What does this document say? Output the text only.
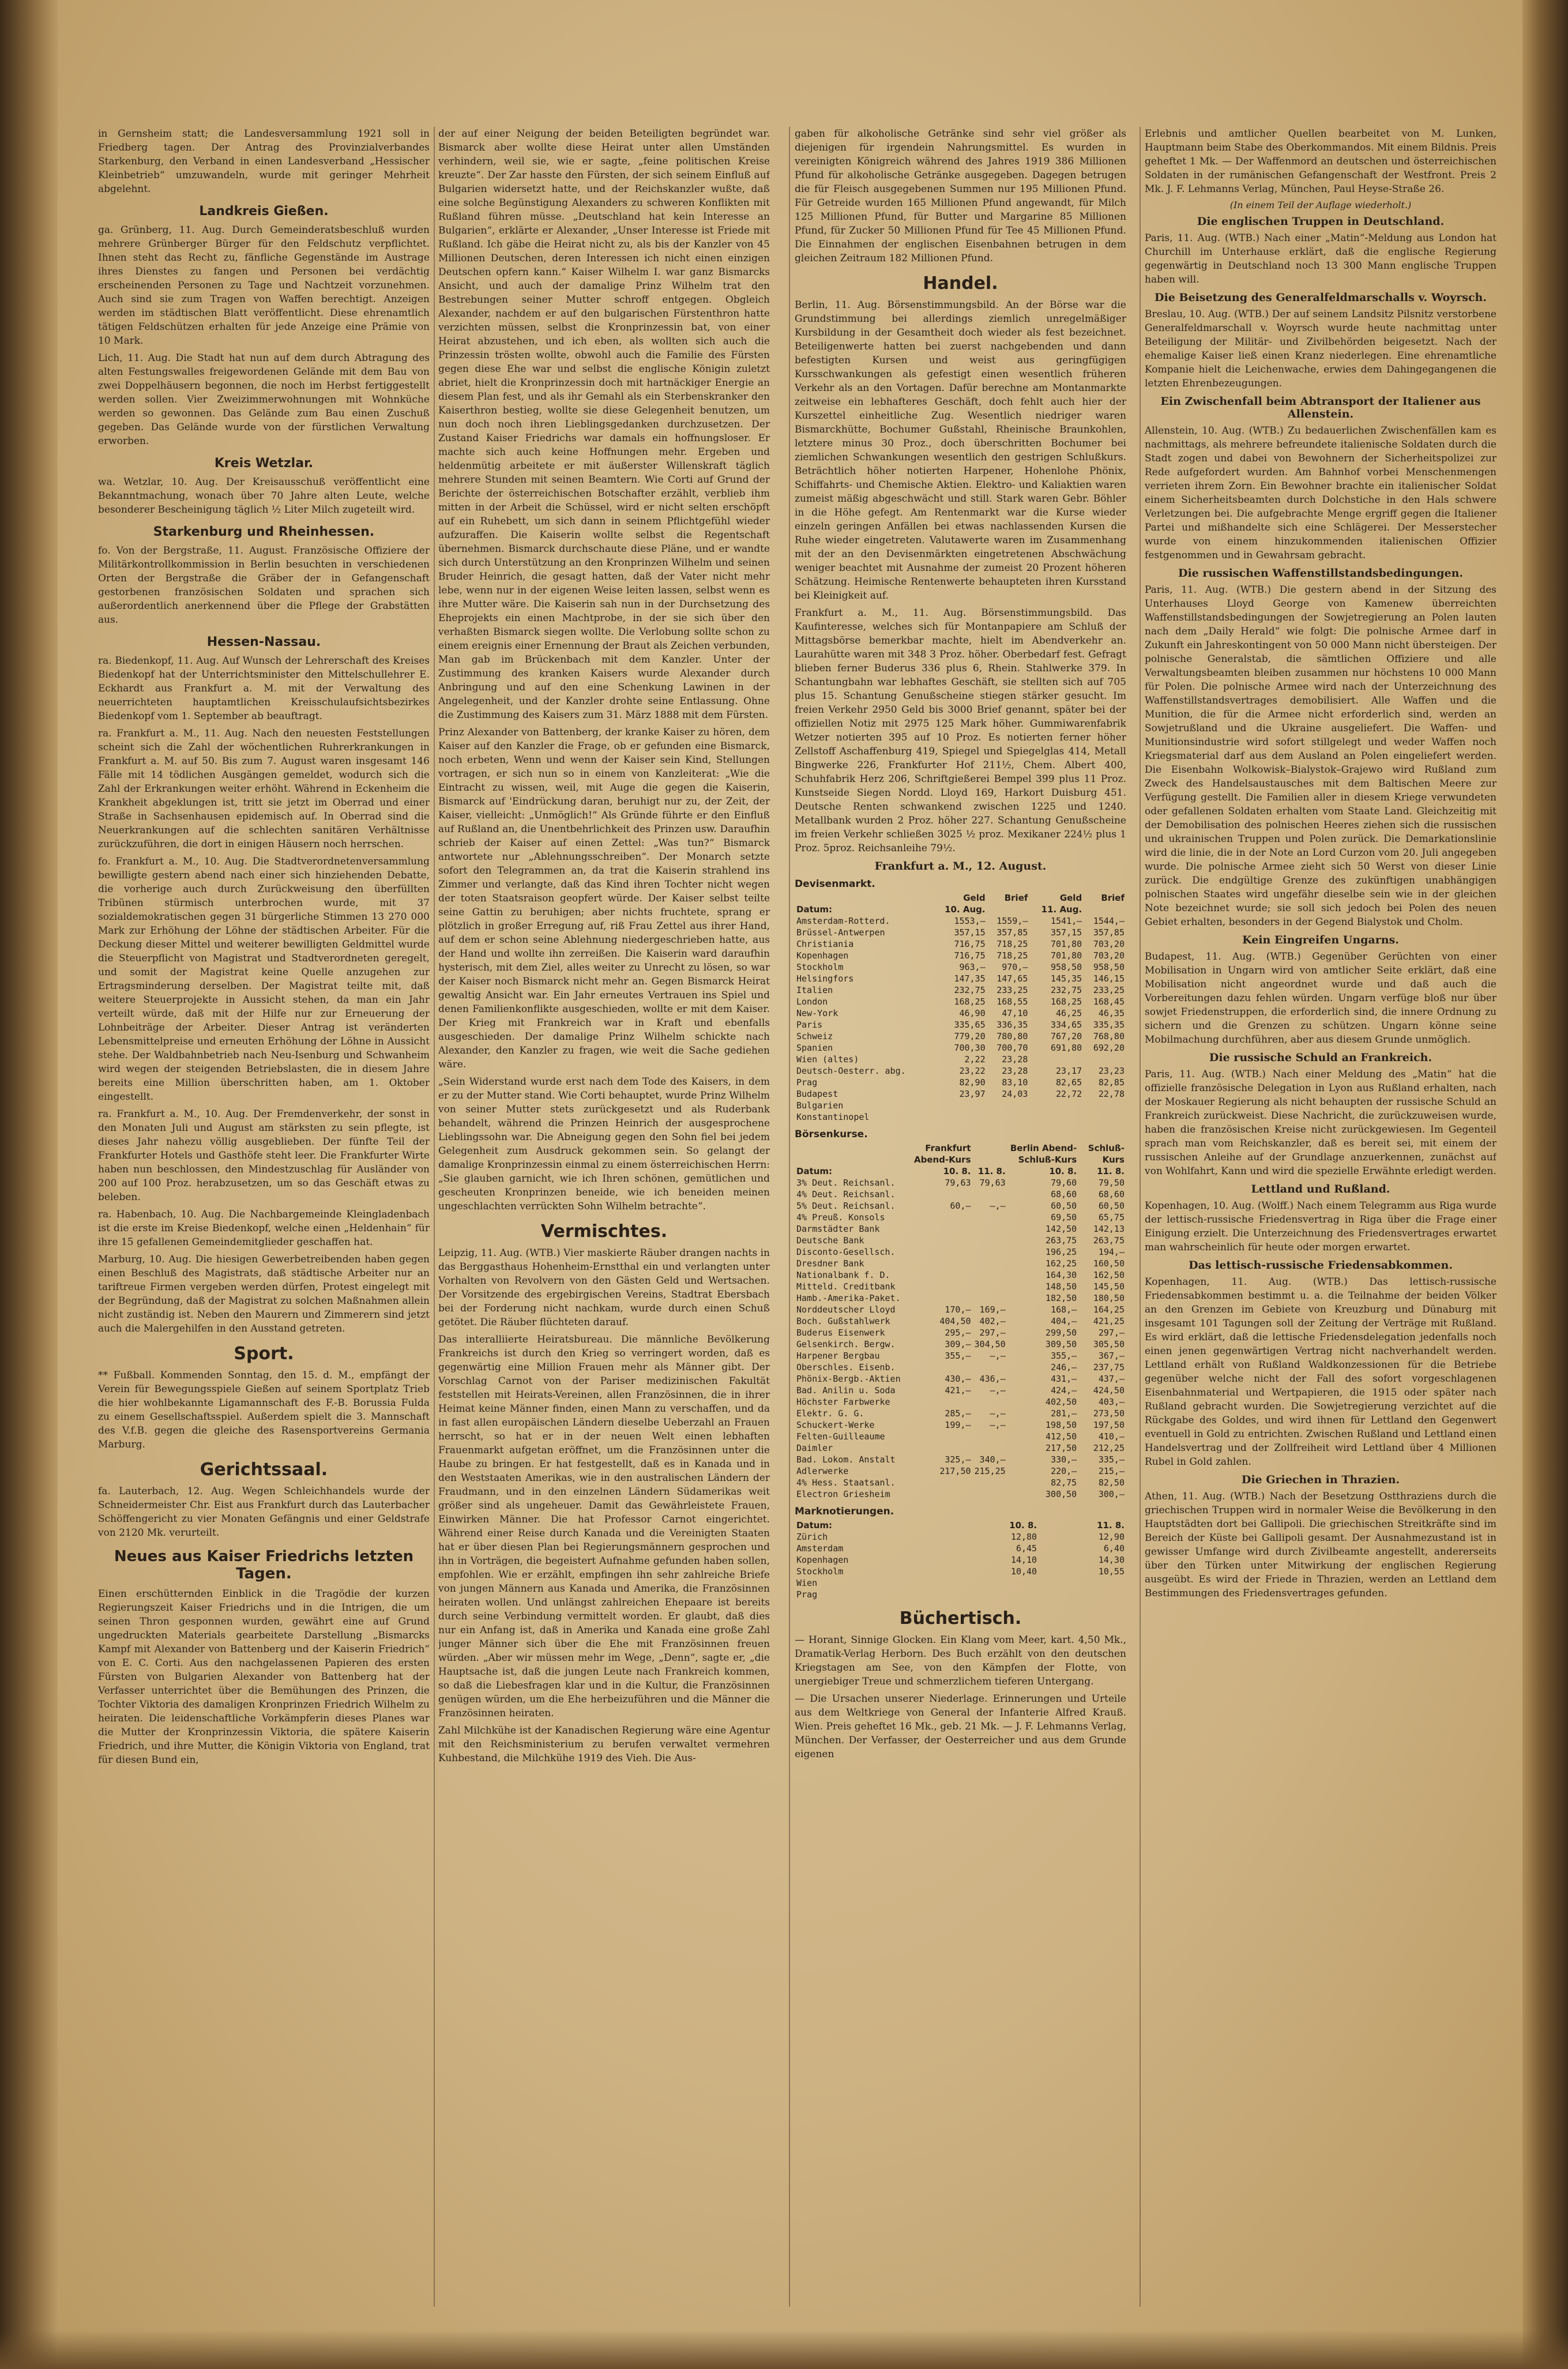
in Gernsheim statt; die Landesversammlung 1921 soll in Friedberg tagen. Der Antrag des Provinzialverbandes Starkenburg, den Verband in einen Landesverband „Hessischer Kleinbetrieb“ umzuwandeln, wurde mit geringer Mehrheit abgelehnt.

Landkreis Gießen.

ga. Grünberg, 11. Aug. Durch Gemeinderatsbeschluß wurden mehrere Grünberger Bürger für den Feldschutz verpflichtet. Ihnen steht das Recht zu, fänfliche Gegenstände im Austrage ihres Dienstes zu fangen und Personen bei verdächtig erscheinenden Personen zu Tage und Nachtzeit vorzunehmen. Auch sind sie zum Tragen von Waffen berechtigt. Anzeigen werden im städtischen Blatt veröffentlicht. Diese ehrenamtlich tätigen Feldschützen erhalten für jede Anzeige eine Prämie von 10 Mark.

Lich, 11. Aug. Die Stadt hat nun auf dem durch Abtragung des alten Festungswalles freigewordenen Gelände mit dem Bau von zwei Doppelhäusern begonnen, die noch im Herbst fertiggestellt werden sollen. Vier Zweizimmerwohnungen mit Wohnküche werden so gewonnen. Das Gelände zum Bau einen Zuschuß gegeben. Das Gelände wurde von der fürstlichen Verwaltung erworben.

Kreis Wetzlar.

wa. Wetzlar, 10. Aug. Der Kreisausschuß veröffentlicht eine Bekanntmachung, wonach über 70 Jahre alten Leute, welche besonderer Bescheinigung täglich ½ Liter Milch zugeteilt wird.

Starkenburg und Rheinhessen.

fo. Von der Bergstraße, 11. August. Französische Offiziere der Militärkontrollkommission in Berlin besuchten in verschiedenen Orten der Bergstraße die Gräber der in Gefangenschaft gestorbenen französischen Soldaten und sprachen sich außerordentlich anerkennend über die Pflege der Grabstätten aus.

Hessen-Nassau.

ra. Biedenkopf, 11. Aug. Auf Wunsch der Lehrerschaft des Kreises Biedenkopf hat der Unterrichtsminister den Mittelschullehrer E. Eckhardt aus Frankfurt a. M. mit der Verwaltung des neuerrichteten hauptamtlichen Kreisschulaufsichtsbezirkes Biedenkopf vom 1. September ab beauftragt.

ra. Frankfurt a. M., 11. Aug. Nach den neuesten Feststellungen scheint sich die Zahl der wöchentlichen Ruhrerkrankungen in Frankfurt a. M. auf 50. Bis zum 7. August waren insgesamt 146 Fälle mit 14 tödlichen Ausgängen gemeldet, wodurch sich die Zahl der Erkrankungen weiter erhöht. Während in Eckenheim die Krankheit abgeklungen ist, tritt sie jetzt im Oberrad und einer Straße in Sachsenhausen epidemisch auf. In Oberrad sind die Neuerkrankungen auf die schlechten sanitären Verhältnisse zurückzuführen, die dort in einigen Häusern noch herrschen.

fo. Frankfurt a. M., 10. Aug. Die Stadtverordnetenversammlung bewilligte gestern abend nach einer sich hinziehenden Debatte, die vorherige auch durch Zurückweisung den überfüllten Tribünen stürmisch unterbrochen wurde, mit 37 sozialdemokratischen gegen 31 bürgerliche Stimmen 13 270 000 Mark zur Erhöhung der Löhne der städtischen Arbeiter. Für die Deckung dieser Mittel und weiterer bewilligten Geldmittel wurde die Steuerpflicht von Magistrat und Stadtverordneten geregelt, und somit der Magistrat keine Quelle anzugehen zur Ertragsminderung derselben. Der Magistrat teilte mit, daß weitere Steuerprojekte in Aussicht stehen, da man ein Jahr verteilt würde, daß mit der Hilfe nur zur Erneuerung der Lohnbeiträge der Arbeiter. Dieser Antrag ist veränderten Lebensmittelpreise und erneuten Erhöhung der Löhne in Aussicht stehe. Der Waldbahnbetrieb nach Neu-Isenburg und Schwanheim wird wegen der steigenden Betriebslasten, die in diesem Jahre bereits eine Million überschritten haben, am 1. Oktober eingestellt.

ra. Frankfurt a. M., 10. Aug. Der Fremdenverkehr, der sonst in den Monaten Juli und August am stärksten zu sein pflegte, ist dieses Jahr nahezu völlig ausgeblieben. Der fünfte Teil der Frankfurter Hotels und Gasthöfe steht leer. Die Frankfurter Wirte haben nun beschlossen, den Mindestzuschlag für Ausländer von 200 auf 100 Proz. herabzusetzen, um so das Geschäft etwas zu beleben.

ra. Habenbach, 10. Aug. Die Nachbargemeinde Kleingladenbach ist die erste im Kreise Biedenkopf, welche einen „Heldenhain“ für ihre 15 gefallenen Gemeindemitglieder geschaffen hat.

Marburg, 10. Aug. Die hiesigen Gewerbetreibenden haben gegen einen Beschluß des Magistrats, daß städtische Arbeiter nur an tariftreue Firmen vergeben werden dürfen, Protest eingelegt mit der Begründung, daß der Magistrat zu solchen Maßnahmen allein nicht zuständig ist. Neben den Maurern und Zimmerern sind jetzt auch die Malergehilfen in den Ausstand getreten.

Sport.

** Fußball. Kommenden Sonntag, den 15. d. M., empfängt der Verein für Bewegungsspiele Gießen auf seinem Sportplatz Trieb die hier wohlbekannte Ligamannschaft des F.-B. Borussia Fulda zu einem Gesellschaftsspiel. Außerdem spielt die 3. Mannschaft des V.f.B. gegen die gleiche des Rasensportvereins Germania Marburg.

Gerichtssaal.

fa. Lauterbach, 12. Aug. Wegen Schleichhandels wurde der Schneidermeister Chr. Eist aus Frankfurt durch das Lauterbacher Schöffengericht zu vier Monaten Gefängnis und einer Geldstrafe von 2120 Mk. verurteilt.

Neues aus Kaiser Friedrichs letzten Tagen.

Einen erschütternden Einblick in die Tragödie der kurzen Regierungszeit Kaiser Friedrichs und in die Intrigen, die um seinen Thron gesponnen wurden, gewährt eine auf Grund ungedruckten Materials gearbeitete Darstellung „Bismarcks Kampf mit Alexander von Battenberg und der Kaiserin Friedrich“ von E. C. Corti. Aus den nachgelassenen Papieren des ersten Fürsten von Bulgarien Alexander von Battenberg hat der Verfasser unterrichtet über die Bemühungen des Prinzen, die Tochter Viktoria des damaligen Kronprinzen Friedrich Wilhelm zu heiraten. Die leidenschaftliche Vorkämpferin dieses Planes war die Mutter der Kronprinzessin Viktoria, die spätere Kaiserin Friedrich, und ihre Mutter, die Königin Viktoria von England, trat für diesen Bund ein,

der auf einer Neigung der beiden Beteiligten begründet war. Bismarck aber wollte diese Heirat unter allen Umständen verhindern, weil sie, wie er sagte, „feine politischen Kreise kreuzte“. Der Zar hasste den Fürsten, der sich seinem Einfluß auf Bulgarien widersetzt hatte, und der Reichskanzler wußte, daß eine solche Begünstigung Alexanders zu schweren Konflikten mit Rußland führen müsse. „Deutschland hat kein Interesse an Bulgarien“, erklärte er Alexander, „Unser Interesse ist Friede mit Rußland. Ich gäbe die Heirat nicht zu, als bis der Kanzler von 45 Millionen Deutschen, deren Interessen ich nicht einen einzigen Deutschen opfern kann.“ Kaiser Wilhelm I. war ganz Bismarcks Ansicht, und auch der damalige Prinz Wilhelm trat den Bestrebungen seiner Mutter schroff entgegen. Obgleich Alexander, nachdem er auf den bulgarischen Fürstenthron hatte verzichten müssen, selbst die Kronprinzessin bat, von einer Heirat abzustehen, und ich eben, als wollten sich auch die Prinzessin trösten wollte, obwohl auch die Familie des Fürsten gegen diese Ehe war und selbst die englische Königin zuletzt abriet, hielt die Kronprinzessin doch mit hartnäckiger Energie an diesem Plan fest, und als ihr Gemahl als ein Sterbenskranker den Kaiserthron bestieg, wollte sie diese Gelegenheit benutzen, um nun doch noch ihren Lieblingsgedanken durchzusetzen. Der Zustand Kaiser Friedrichs war damals ein hoffnungsloser. Er machte sich auch keine Hoffnungen mehr. Ergeben und heldenmütig arbeitete er mit äußerster Willenskraft täglich mehrere Stunden mit seinen Beamtern. Wie Corti auf Grund der Berichte der österreichischen Botschafter erzählt, verblieb ihm mitten in der Arbeit die Schüssel, wird er nicht selten erschöpft auf ein Ruhebett, um sich dann in seinem Pflichtgefühl wieder aufzuraffen. Die Kaiserin wollte selbst die Regentschaft übernehmen. Bismarck durchschaute diese Pläne, und er wandte sich durch Unterstützung an den Kronprinzen Wilhelm und seinen Bruder Heinrich, die gesagt hatten, daß der Vater nicht mehr lebe, wenn nur in der eigenen Weise leiten lassen, selbst wenn es ihre Mutter wäre. Die Kaiserin sah nun in der Durchsetzung des Eheprojekts ein einen Machtprobe, in der sie sich über den verhaßten Bismarck siegen wollte. Die Verlobung sollte schon zu einem ereignis einer Ernennung der Braut als Zeichen verbunden, Man gab im Brückenbach mit dem Kanzler. Unter der Zustimmung des kranken Kaisers wurde Alexander durch Anbringung und auf den eine Schenkung Lawinen in der Angelegenheit, und der Kanzler drohte seine Entlassung. Ohne die Zustimmung des Kaisers zum 31. März 1888 mit dem Fürsten.

Prinz Alexander von Battenberg, der kranke Kaiser zu hören, dem Kaiser auf den Kanzler die Frage, ob er gefunden eine Bismarck, noch erbeten, Wenn und wenn der Kaiser sein Kind, Stellungen vortragen, er sich nun so in einem von Kanzleiterat: „Wie die Eintracht zu wissen, weil, mit Auge die gegen die Kaiserin, Bismarck auf 'Eindrückung daran, beruhigt nur zu, der Zeit, der Kaiser, vielleicht: „Unmöglich!“ Als Gründe führte er den Einfluß auf Rußland an, die Unentbehrlichkeit des Prinzen usw. Daraufhin schrieb der Kaiser auf einen Zettel: „Was tun?“ Bismarck antwortete nur „Ablehnungsschreiben“. Der Monarch setzte sofort den Telegrammen an, da trat die Kaiserin strahlend ins Zimmer und verlangte, daß das Kind ihren Tochter nicht wegen der toten Staatsraison geopfert würde. Der Kaiser selbst teilte seine Gattin zu beruhigen; aber nichts fruchtete, sprang er plötzlich in großer Erregung auf, riß Frau Zettel aus ihrer Hand, auf dem er schon seine Ablehnung niedergeschrieben hatte, aus der Hand und wollte ihn zerreißen. Die Kaiserin ward daraufhin hysterisch, mit dem Ziel, alles weiter zu Unrecht zu lösen, so war der Kaiser noch Bismarck nicht mehr an. Gegen Bismarck Heirat gewaltig Ansicht war. Ein Jahr erneutes Vertrauen ins Spiel und denen Familienkonflikte ausgeschieden, wollte er mit dem Kaiser. Der Krieg mit Frankreich war in Kraft und ebenfalls ausgeschieden. Der damalige Prinz Wilhelm schickte nach Alexander, den Kanzler zu fragen, wie weit die Sache gediehen wäre.

„Sein Widerstand wurde erst nach dem Tode des Kaisers, in dem er zu der Mutter stand. Wie Corti behauptet, wurde Prinz Wilhelm von seiner Mutter stets zurückgesetzt und als Ruderbank behandelt, während die Prinzen Heinrich der ausgesprochene Lieblingssohn war. Die Abneigung gegen den Sohn fiel bei jedem Gelegenheit zum Ausdruck gekommen sein. So gelangt der damalige Kronprinzessin einmal zu einem österreichischen Herrn: „Sie glauben garnicht, wie ich Ihren schönen, gemütlichen und gescheuten Kronprinzen beneide, wie ich beneiden meinen ungeschlachten verrückten Sohn Wilhelm betrachte“.

Vermischtes.

Leipzig, 11. Aug. (WTB.) Vier maskierte Räuber drangen nachts in das Berggasthaus Hohenheim-Ernstthal ein und verlangten unter Vorhalten von Revolvern von den Gästen Geld und Wertsachen. Der Vorsitzende des ergebirgischen Vereins, Stadtrat Ebersbach bei der Forderung nicht nachkam, wurde durch einen Schuß getötet. Die Räuber flüchteten darauf.

Das interalliierte Heiratsbureau. Die männliche Bevölkerung Frankreichs ist durch den Krieg so verringert worden, daß es gegenwärtig eine Million Frauen mehr als Männer gibt. Der Vorschlag Carnot von der Pariser medizinischen Fakultät feststellen mit Heirats-Vereinen, allen Französinnen, die in ihrer Heimat keine Männer finden, einen Mann zu verschaffen, und da in fast allen europäischen Ländern dieselbe Ueberzahl an Frauen herrscht, so hat er in der neuen Welt einen lebhaften Frauenmarkt aufgetan eröffnet, um die Französinnen unter die Haube zu bringen. Er hat festgestellt, daß es in Kanada und in den Weststaaten Amerikas, wie in den australischen Ländern der Fraudmann, und in den einzelnen Ländern Südamerikas weit größer sind als ungeheuer. Damit das Gewährleistete Frauen, Einwirken Männer. Die hat Professor Carnot eingerichtet. Während einer Reise durch Kanada und die Vereinigten Staaten hat er über diesen Plan bei Regierungsmännern gesprochen und ihn in Vorträgen, die begeistert Aufnahme gefunden haben sollen, empfohlen. Wie er erzählt, empfingen ihn sehr zahlreiche Briefe von jungen Männern aus Kanada und Amerika, die Französinnen heiraten wollen. Und unlängst zahlreichen Ehepaare ist bereits durch seine Verbindung vermittelt worden. Er glaubt, daß dies nur ein Anfang ist, daß in Amerika und Kanada eine große Zahl junger Männer sich über die Ehe mit Französinnen freuen würden. „Aber wir müssen mehr im Wege, „Denn“, sagte er, „die Hauptsache ist, daß die jungen Leute nach Frankreich kommen, so daß die Liebesfragen klar und in die Kultur, die Französinnen genügen würden, um die Ehe herbeizuführen und die Männer die Französinnen heiraten.

Zahl Milchkühe ist der Kanadischen Regierung wäre eine Agentur mit den Reichsministerium zu berufen verwaltet vermehren Kuhbestand, die Milchkühe 1919 des Vieh. Die Aus-

gaben für alkoholische Getränke sind sehr viel größer als diejenigen für irgendein Nahrungsmittel. Es wurden in vereinigten Königreich während des Jahres 1919 386 Millionen Pfund für alkoholische Getränke ausgegeben. Dagegen betrugen die für Fleisch ausgegebenen Summen nur 195 Millionen Pfund. Für Getreide wurden 165 Millionen Pfund angewandt, für Milch 125 Millionen Pfund, für Butter und Margarine 85 Millionen Pfund, für Zucker 50 Millionen Pfund für Tee 45 Millionen Pfund. Die Einnahmen der englischen Eisenbahnen betrugen in dem gleichen Zeitraum 182 Millionen Pfund.

Handel.

Berlin, 11. Aug. Börsenstimmungsbild. An der Börse war die Grundstimmung bei allerdings ziemlich unregelmäßiger Kursbildung in der Gesamtheit doch wieder als fest bezeichnet. Beteiligenwerte hatten bei zuerst nachgebenden und dann befestigten Kursen und weist aus geringfügigen Kursschwankungen als gefestigt einen wesentlich früheren Verkehr als an den Vortagen. Dafür berechne am Montanmarkte zeitweise ein lebhafteres Geschäft, doch fehlt auch hier der Kurszettel einheitliche Zug. Wesentlich niedriger waren Bismarckhütte, Bochumer Gußstahl, Rheinische Braunkohlen, letztere minus 30 Proz., doch überschritten Bochumer bei ziemlichen Schwankungen wesentlich den gestrigen Schlußkurs. Beträchtlich höher notierten Harpener, Hohenlohe Phönix, Schiffahrts- und Chemische Aktien. Elektro- und Kaliaktien waren zumeist mäßig abgeschwächt und still. Stark waren Gebr. Böhler in die Höhe gefegt. Am Rentenmarkt war die Kurse wieder einzeln geringen Anfällen bei etwas nachlassenden Kursen die Ruhe wieder eingetreten. Valutawerte waren im Zusammenhang mit der an den Devisenmärkten eingetretenen Abschwächung weniger beachtet mit Ausnahme der zumeist 20 Prozent höheren Schätzung. Heimische Rentenwerte behaupteten ihren Kursstand bei Kleinigkeit auf.

Frankfurt a. M., 11. Aug. Börsenstimmungsbild. Das Kaufinteresse, welches sich für Montanpapiere am Schluß der Mittagsbörse bemerkbar machte, hielt im Abendverkehr an. Laurahütte waren mit 348 3 Proz. höher. Oberbedarf fest. Gefragt blieben ferner Buderus 336 plus 6, Rhein. Stahlwerke 379. In Schantungbahn war lebhaftes Geschäft, sie stellten sich auf 705 plus 15. Schantung Genußscheine stiegen stärker gesucht. Im freien Verkehr 2950 Geld bis 3000 Brief genannt, später bei der offiziellen Notiz mit 2975 125 Mark höher. Gummiwarenfabrik Wetzer notierten 395 auf 10 Proz. Es notierten ferner höher Zellstoff Aschaffenburg 419, Spiegel und Spiegelglas 414, Metall Bingwerke 226, Frankfurter Hof 211½, Chem. Albert 400, Schuhfabrik Herz 206, Schriftgießerei Bempel 399 plus 11 Proz. Kunstseide Siegen Nordd. Lloyd 169, Harkort Duisburg 451. Deutsche Renten schwankend zwischen 1225 und 1240. Metallbank wurden 2 Proz. höher 227. Schantung Genußscheine im freien Verkehr schließen 3025 ½ proz. Mexikaner 224½ plus 1 Proz. 5proz. Reichsanleihe 79½.

Frankfurt a. M., 12. August.
Devisenmarkt.
	Geld	Brief	Geld	Brief
Datum:	10. Aug.		11. Aug.	
Amsterdam-Rotterd.	1553,–	1559,–	1541,–	1544,–
Brüssel-Antwerpen	357,15	357,85	357,15	357,85
Christiania	716,75	718,25	701,80	703,20
Kopenhagen	716,75	718,25	701,80	703,20
Stockholm	963,–	970,–	958,50	958,50
Helsingfors	147,35	147,65	145,35	146,15
Italien	232,75	233,25	232,75	233,25
London	168,25	168,55	168,25	168,45
New-York	46,90	47,10	46,25	46,35
Paris	335,65	336,35	334,65	335,35
Schweiz	779,20	780,80	767,20	768,80
Spanien	700,30	700,70	691,80	692,20
Wien (altes)	2,22	23,28		
Deutsch-Oesterr. abg.	23,22	23,28	23,17	23,23
Prag	82,90	83,10	82,65	82,85
Budapest	23,97	24,03	22,72	22,78
Bulgarien				
Konstantinopel				
Börsenkurse.
	Frankfurt Abend-Kurs		Berlin Abend-Schluß-Kurs	Schluß-Kurs
Datum:	10. 8.	11. 8.	10. 8.	11. 8.
3% Deut. Reichsanl.	79,63	79,63	79,60	79,50
4% Deut. Reichsanl.			68,60	68,60
5% Deut. Reichsanl.	60,–	–,–	60,50	60,50
4% Preuß. Konsols			69,50	65,75
Darmstädter Bank			142,50	142,13
Deutsche Bank			263,75	263,75
Disconto-Gesellsch.			196,25	194,–
Dresdner Bank			162,25	160,50
Nationalbank f. D.			164,30	162,50
Mitteld. Creditbank			148,50	145,50
Hamb.-Amerika-Paket.			182,50	180,50
Norddeutscher Lloyd	170,–	169,–	168,–	164,25
Boch. Gußstahlwerk	404,50	402,–	404,–	421,25
Buderus Eisenwerk	295,–	297,–	299,50	297,–
Gelsenkirch. Bergw.	309,–	304,50	309,50	305,50
Harpener Bergbau	355,–	–,–	355,–	367,–
Oberschles. Eisenb.			246,–	237,75
Phönix-Bergb.-Aktien	430,–	436,–	431,–	437,–
Bad. Anilin u. Soda	421,–	–,–	424,–	424,50
Höchster Farbwerke			402,50	403,–
Elektr. G. G.	285,–	–,–	281,–	273,50
Schuckert-Werke	199,–	–,–	198,50	197,50
Felten-Guilleaume			412,50	410,–
Daimler			217,50	212,25
Bad. Lokom. Anstalt	325,–	340,–	330,–	335,–
Adlerwerke	217,50	215,25	220,–	215,–
4% Hess. Staatsanl.			82,75	82,50
Electron Griesheim			300,50	300,–
Marknotierungen.
Datum:	10. 8.	11. 8.
Zürich	12,80	12,90
Amsterdam	6,45	6,40
Kopenhagen	14,10	14,30
Stockholm	10,40	10,55
Wien		
Prag		
Büchertisch.

— Horant, Sinnige Glocken. Ein Klang vom Meer, kart. 4,50 Mk., Dramatik-Verlag Herborn. Des Buch erzählt von den deutschen Kriegstagen am See, von den Kämpfen der Flotte, von unergiebiger Treue und schmerzlichem tieferen Untergang.

— Die Ursachen unserer Niederlage. Erinnerungen und Urteile aus dem Weltkriege von General der Infanterie Alfred Krauß. Wien. Preis geheftet 16 Mk., geb. 21 Mk. — J. F. Lehmanns Verlag, München. Der Verfasser, der Oesterreicher und aus dem Grunde eigenen

Erlebnis und amtlicher Quellen bearbeitet von M. Lunken, Hauptmann beim Stabe des Oberkommandos. Mit einem Bildnis. Preis geheftet 1 Mk. — Der Waffenmord an deutschen und österreichischen Soldaten in der rumänischen Gefangenschaft der Westfront. Preis 2 Mk. J. F. Lehmanns Verlag, München, Paul Heyse-Straße 26.

(In einem Teil der Auflage wiederholt.)
Die englischen Truppen in Deutschland.

Paris, 11. Aug. (WTB.) Nach einer „Matin“-Meldung aus London hat Churchill im Unterhause erklärt, daß die englische Regierung gegenwärtig in Deutschland noch 13 300 Mann englische Truppen haben will.

Die Beisetzung des Generalfeldmarschalls v. Woyrsch.

Breslau, 10. Aug. (WTB.) Der auf seinem Landsitz Pilsnitz verstorbene Generalfeldmarschall v. Woyrsch wurde heute nachmittag unter Beteiligung der Militär- und Zivilbehörden beigesetzt. Nach der ehemalige Kaiser ließ einen Kranz niederlegen. Eine ehrenamtliche Kompanie hielt die Leichenwache, erwies dem Dahingegangenen die letzten Ehrenbezeugungen.

Ein Zwischenfall beim Abtransport der Italiener aus Allenstein.

Allenstein, 10. Aug. (WTB.) Zu bedauerlichen Zwischenfällen kam es nachmittags, als mehrere befreundete italienische Soldaten durch die Stadt zogen und dabei von Bewohnern der Sicherheitspolizei zur Rede aufgefordert wurden. Am Bahnhof vorbei Menschenmengen verrieten ihrem Zorn. Ein Bewohner brachte ein italienischer Soldat einem Sicherheitsbeamten durch Dolchstiche in den Hals schwere Verletzungen bei. Die aufgebrachte Menge ergriff gegen die Italiener Partei und mißhandelte sich eine Schlägerei. Der Messerstecher wurde von einem hinzukommenden italienischen Offizier festgenommen und in Gewahrsam gebracht.

Die russischen Waffenstillstandsbedingungen.

Paris, 11. Aug. (WTB.) Die gestern abend in der Sitzung des Unterhauses Lloyd George von Kamenew überreichten Waffenstillstandsbedingungen der Sowjetregierung an Polen lauten nach dem „Daily Herald“ wie folgt: Die polnische Armee darf in Zukunft ein Jahreskontingent von 50 000 Mann nicht übersteigen. Der polnische Generalstab, die sämtlichen Offiziere und alle Verwaltungsbeamten bleiben zusammen nur höchstens 10 000 Mann für Polen. Die polnische Armee wird nach der Unterzeichnung des Waffenstillstandsvertrages demobilisiert. Alle Waffen und die Munition, die für die Armee nicht erforderlich sind, werden an Sowjetrußland und die Ukraine ausgeliefert. Die Waffen- und Munitionsindustrie wird sofort stillgelegt und weder Waffen noch Kriegsmaterial darf aus dem Ausland an Polen eingeliefert werden. Die Eisenbahn Wolkowisk–Bialystok–Grajewo wird Rußland zum Zweck des Handelsaustausches mit dem Baltischen Meere zur Verfügung gestellt. Die Familien aller in diesem Kriege verwundeten oder gefallenen Soldaten erhalten vom Staate Land. Gleichzeitig mit der Demobilisation des polnischen Heeres ziehen sich die russischen und ukrainischen Truppen und Polen zurück. Die Demarkationslinie wird die linie, die in der Note an Lord Curzon vom 20. Juli angegeben wurde. Die polnische Armee zieht sich 50 Werst von dieser Linie zurück. Die endgültige Grenze des zukünftigen unabhängigen polnischen Staates wird ungefähr dieselbe sein wie in der gleichen Note bezeichnet wurde; sie soll sich jedoch bei Polen des neuen Gebiet erhalten, besonders in der Gegend Bialystok und Cholm.

Kein Eingreifen Ungarns.

Budapest, 11. Aug. (WTB.) Gegenüber Gerüchten von einer Mobilisation in Ungarn wird von amtlicher Seite erklärt, daß eine Mobilisation nicht angeordnet wurde und daß auch die Vorbereitungen dazu fehlen würden. Ungarn verfüge bloß nur über sowjet Friedenstruppen, die erforderlich sind, die innere Ordnung zu sichern und die Grenzen zu schützen. Ungarn könne seine Mobilmachung durchführen, aber aus diesem Grunde unmöglich.

Die russische Schuld an Frankreich.

Paris, 11. Aug. (WTB.) Nach einer Meldung des „Matin“ hat die offizielle französische Delegation in Lyon aus Rußland erhalten, nach der Moskauer Regierung als nicht behaupten der russische Schuld an Frankreich zurückweist. Diese Nachricht, die zurückzuweisen wurde, haben die französischen Kreise nicht zurückgewiesen. Im Gegenteil sprach man vom Reichskanzler, daß es bereit sei, mit einem der russischen Anleihe auf der Grundlage anzuerkennen, zunächst auf von Wohlfahrt, Kann und wird die spezielle Erwähnte erledigt werden.

Lettland und Rußland.

Kopenhagen, 10. Aug. (Wolff.) Nach einem Telegramm aus Riga wurde der lettisch-russische Friedensvertrag in Riga über die Frage einer Einigung erzielt. Die Unterzeichnung des Friedensvertrages erwartet man wahrscheinlich für heute oder morgen erwartet.

Das lettisch-russische Friedensabkommen.

Kopenhagen, 11. Aug. (WTB.) Das lettisch-russische Friedensabkommen bestimmt u. a. die Teilnahme der beiden Völker an den Grenzen im Gebiete von Kreuzburg und Dünaburg mit insgesamt 101 Tagungen soll der Zeitung der Verträge mit Rußland. Es wird erklärt, daß die lettische Friedensdelegation jedenfalls noch einen jenen gegenwärtigen Vertrag nicht nachverhandelt werden. Lettland erhält von Rußland Waldkonzessionen für die Betriebe gegenüber welche nicht der Fall des sofort vorgeschlagenen Eisenbahnmaterial und Wertpapieren, die 1915 oder später nach Rußland gebracht wurden. Die Sowjetregierung verzichtet auf die Rückgabe des Goldes, und wird ihnen für Lettland den Gegenwert eventuell in Gold zu entrichten. Zwischen Rußland und Lettland einen Handelsvertrag und der Zollfreiheit wird Lettland über 4 Millionen Rubel in Gold zahlen.

Die Griechen in Thrazien.

Athen, 11. Aug. (WTB.) Nach der Besetzung Ostthraziens durch die griechischen Truppen wird in normaler Weise die Bevölkerung in den Hauptstädten dort bei Gallipoli. Die griechischen Streitkräfte sind im Bereich der Küste bei Gallipoli gesamt. Der Ausnahmezustand ist in gewisser Umfange wird durch Zivilbeamte angestellt, andererseits über den Türken unter Mitwirkung der englischen Regierung ausgeübt. Es wird der Friede in Thrazien, werden an Lettland dem Bestimmungen des Friedensvertrages gefunden.
